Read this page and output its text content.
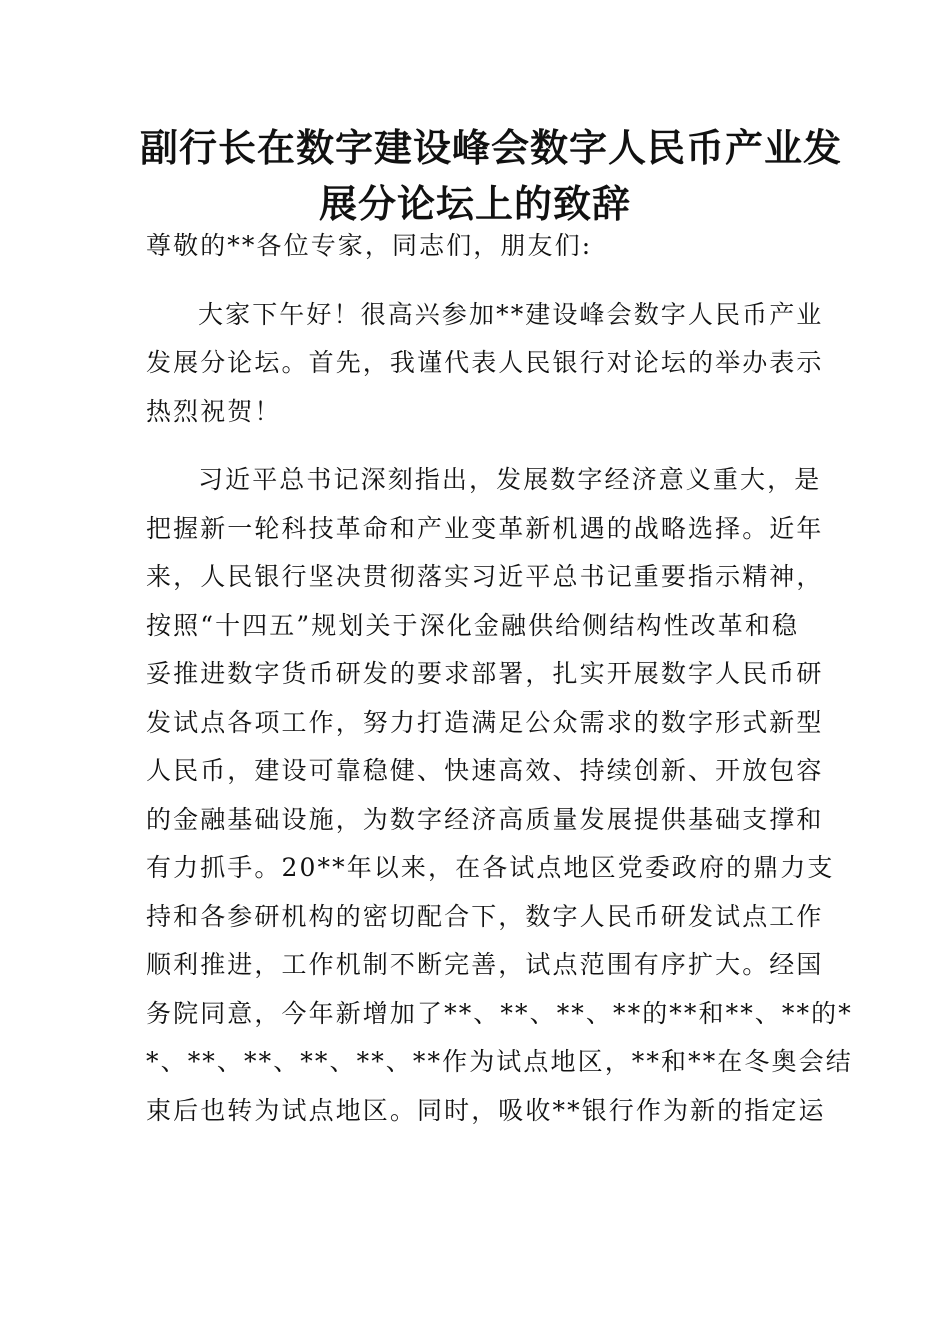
副行长在数字建设峰会数字人民币产业发
展分论坛上的致辞
尊敬的**各位专家，同志们，朋友们:
大家下午好！很高兴参加**建设峰会数字人民币产业
发展分论坛。首先，我谨代表人民银行对论坛的举办表示
热烈祝贺！
习近平总书记深刻指出，发展数字经济意义重大，是
把握新一轮科技革命和产业变革新机遇的战略选择。近年
来，人民银行坚决贯彻落实习近平总书记重要指示精神，
按照“十四五”规划关于深化金融供给侧结构性改革和稳
妥推进数字货币研发的要求部署，扎实开展数字人民币研
发试点各项工作，努力打造满足公众需求的数字形式新型
人民币，建设可靠稳健、快速高效、持续创新、开放包容
的金融基础设施，为数字经济高质量发展提供基础支撑和
有力抓手。20**年以来，在各试点地区党委政府的鼎力支
持和各参研机构的密切配合下，数字人民币研发试点工作
顺利推进，工作机制不断完善，试点范围有序扩大。经国
务院同意，今年新增加了**、**、**、**的**和**、**的*
*、**、**、**、**、**作为试点地区，**和**在冬奥会结
束后也转为试点地区。同时，吸收**银行作为新的指定运
